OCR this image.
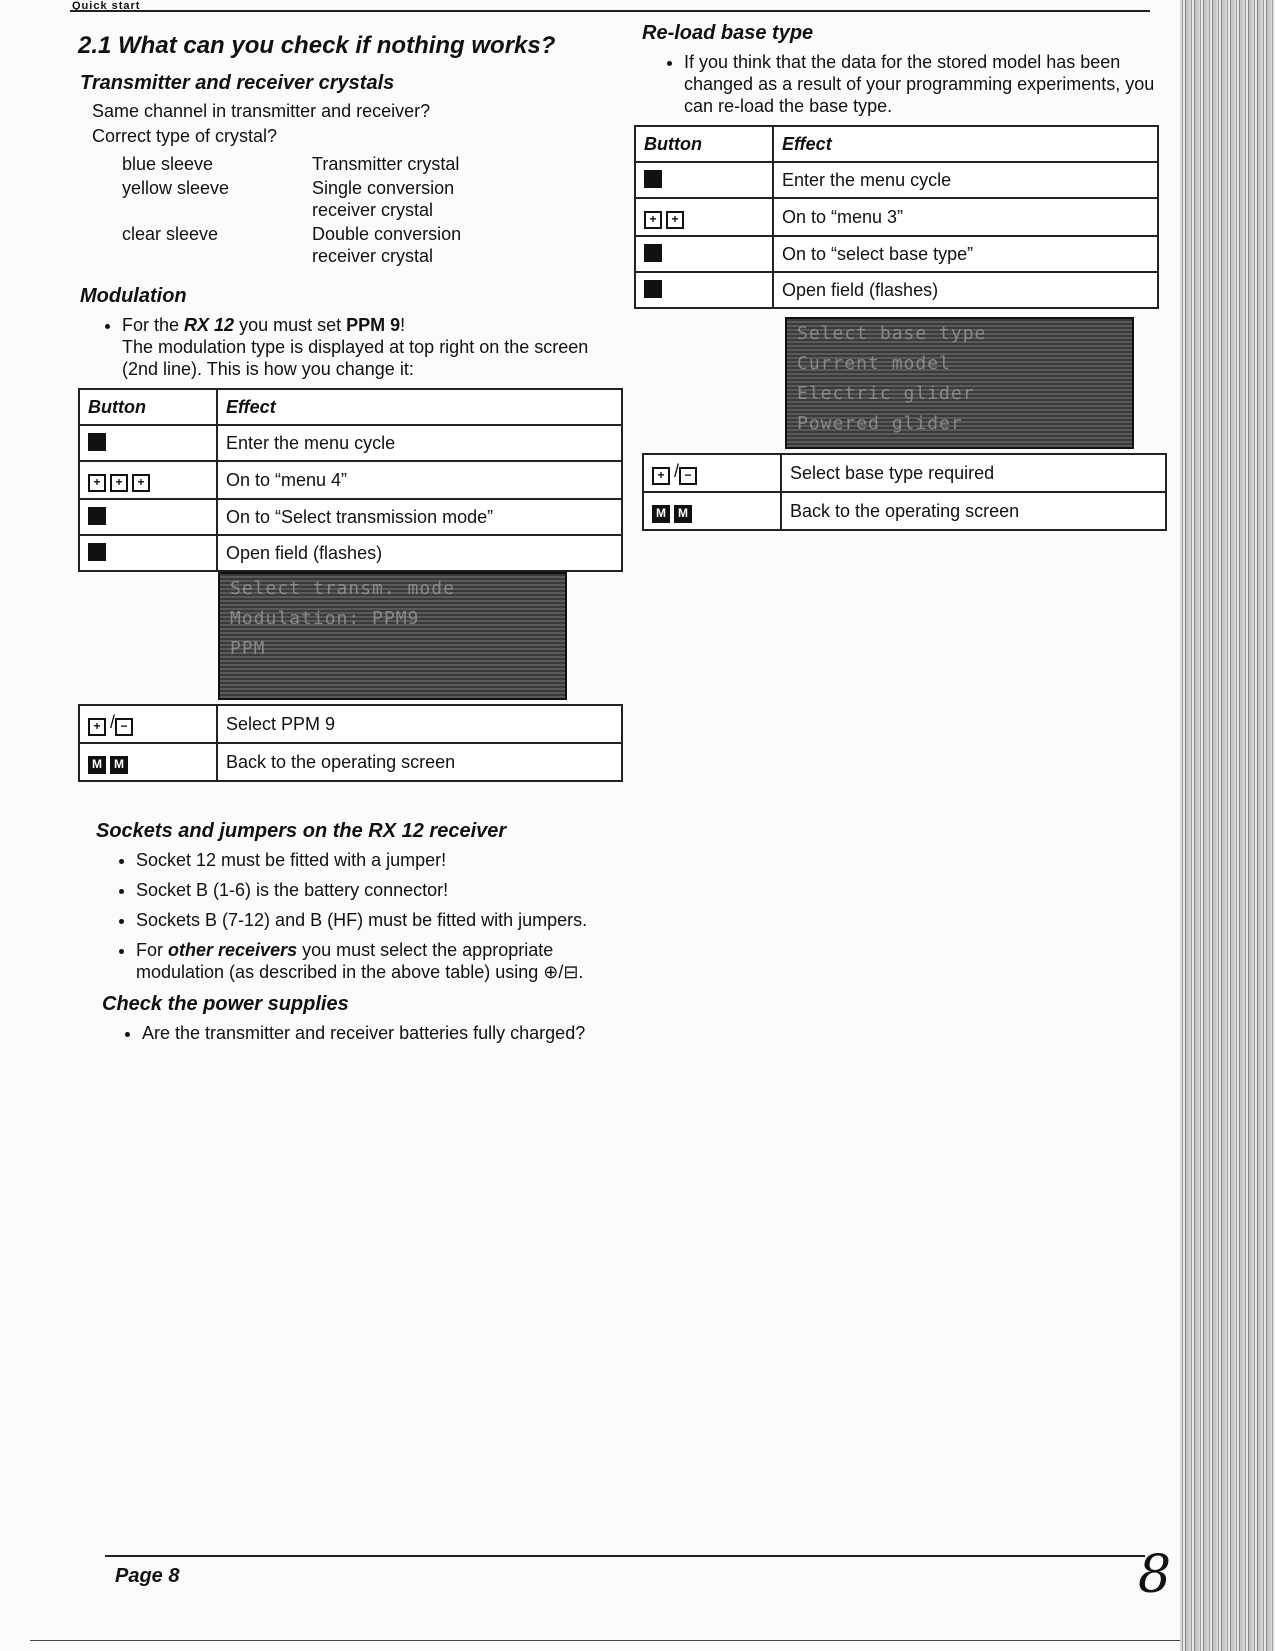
Quick start
2.1 What can you check if nothing works?
Transmitter and receiver crystals

Same channel in transmitter and receiver?

Correct type of crystal?

blue sleeve	Transmitter crystal
yellow sleeve	Single conversion receiver crystal
clear sleeve	Double conversion receiver crystal
Modulation
• For the RX 12 you must set PPM 9!
The modulation type is displayed at top right on the screen (2nd line). This is how you change it:
Button	Effect
	Enter the menu cycle
+ + +	On to “menu 4”
	On to “Select transmission mode”
	Open field (flashes)
Select transm. mode
Modulation: PPM9
PPM
+ / −	Select PPM 9
M M	Back to the operating screen
Sockets and jumpers on the RX 12 receiver
• Socket 12 must be fitted with a jumper!
• Socket B (1-6) is the battery connector!
• Sockets B (7-12) and B (HF) must be fitted with jumpers.
• For other receivers you must select the appropriate modulation (as described in the above table) using ⊕/⊟.
Check the power supplies
• Are the transmitter and receiver batteries fully charged?
Re-load base type
• If you think that the data for the stored model has been changed as a result of your programming experiments, you can re-load the base type.
Button	Effect
	Enter the menu cycle
+ +	On to “menu 3”
	On to “select base type”
	Open field (flashes)
Select base type
Current model
Electric glider
Powered glider
+ / −	Select base type required
M M	Back to the operating screen
Page 8	8
